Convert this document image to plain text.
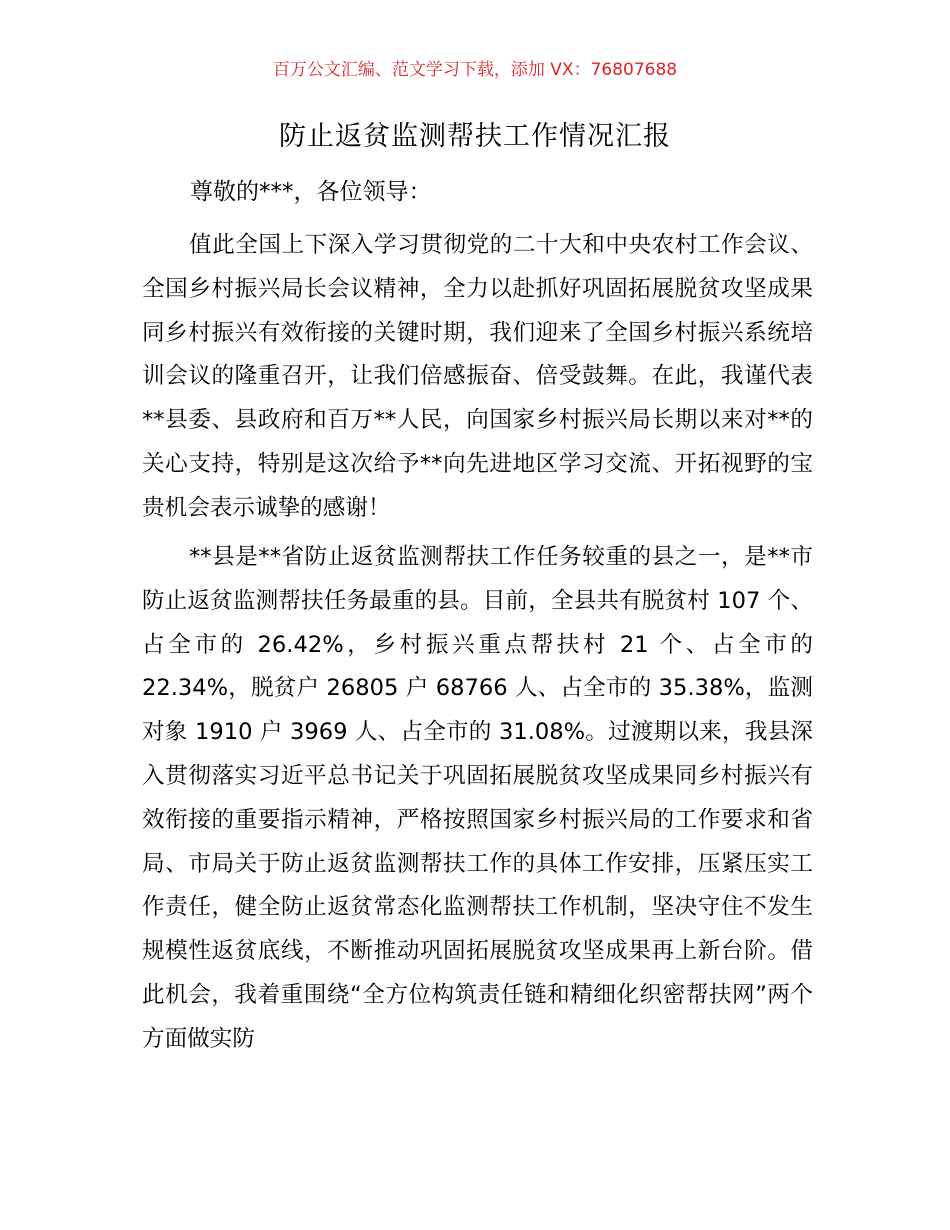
百万公文汇编、范文学习下载，添加 VX：76807688

防止返贫监测帮扶工作情况汇报

尊敬的***，各位领导：

值此全国上下深入学习贯彻党的二十大和中央农村工作会议、全国乡村振兴局长会议精神，全力以赴抓好巩固拓展脱贫攻坚成果同乡村振兴有效衔接的关键时期，我们迎来了全国乡村振兴系统培训会议的隆重召开，让我们倍感振奋、倍受鼓舞。在此，我谨代表**县委、县政府和百万**人民，向国家乡村振兴局长期以来对**的关心支持，特别是这次给予**向先进地区学习交流、开拓视野的宝贵机会表示诚挚的感谢！

**县是**省防止返贫监测帮扶工作任务较重的县之一，是**市防止返贫监测帮扶任务最重的县。目前，全县共有脱贫村 107 个、占全市的 26.42%，乡村振兴重点帮扶村 21 个、占全市的 22.34%，脱贫户 26805 户 68766 人、占全市的 35.38%，监测对象 1910 户 3969 人、占全市的 31.08%。过渡期以来，我县深入贯彻落实习近平总书记关于巩固拓展脱贫攻坚成果同乡村振兴有效衔接的重要指示精神，严格按照国家乡村振兴局的工作要求和省局、市局关于防止返贫监测帮扶工作的具体工作安排，压紧压实工作责任，健全防止返贫常态化监测帮扶工作机制，坚决守住不发生规模性返贫底线，不断推动巩固拓展脱贫攻坚成果再上新台阶。借此机会，我着重围绕“全方位构筑责任链和精细化织密帮扶网”两个方面做实防
